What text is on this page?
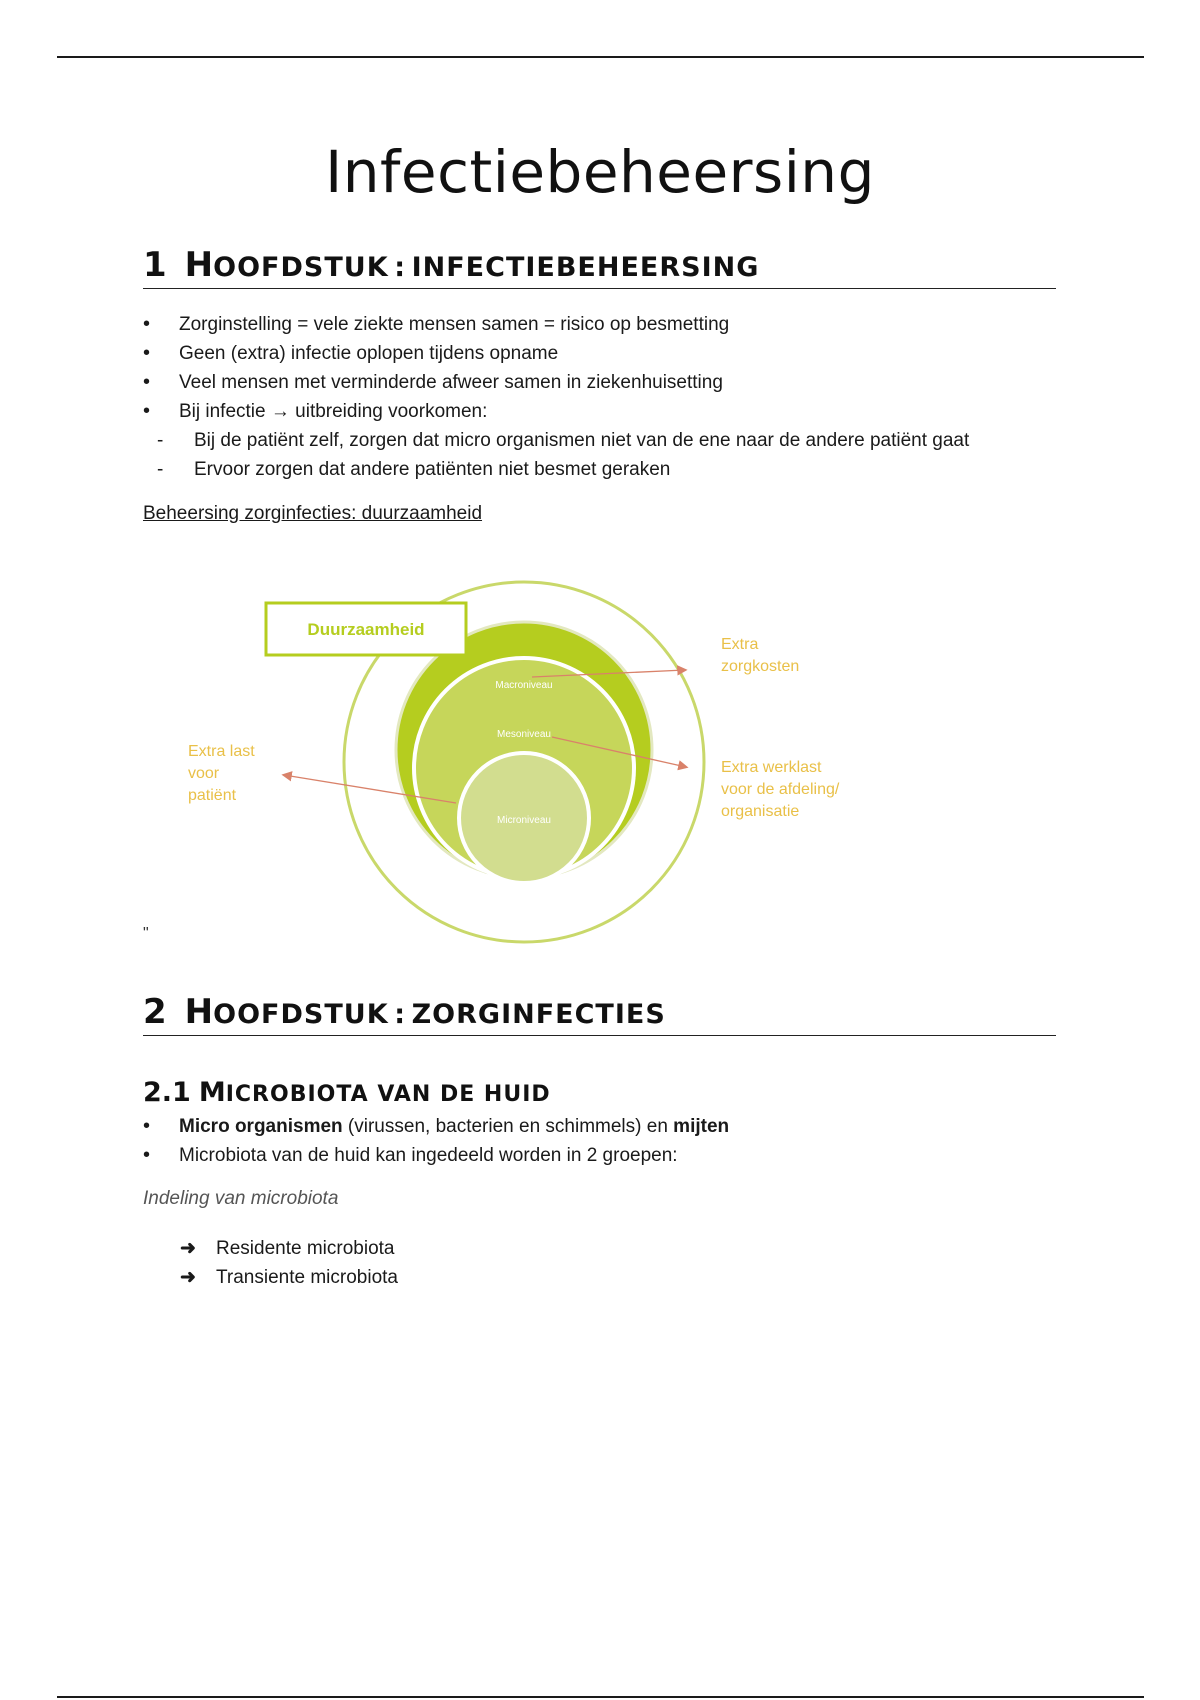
Infectiebeheersing
1 HOOFDSTUK : INFECTIEBEHEERSING
• Zorginstelling = vele ziekte mensen samen = risico op besmetting
• Geen (extra) infectie oplopen tijdens opname
• Veel mensen met verminderde afweer samen in ziekenhuisetting
• Bij infectie → uitbreiding voorkomen:
- Bij de patiënt zelf, zorgen dat micro organismen niet van de ene naar de andere patiënt gaat
- Ervoor zorgen dat andere patiënten niet besmet geraken
Beheersing zorginfecties: duurzaamheid
Duurzaamheid
Macroniveau
Mesoniveau
Microniveau
Extra last voor patiënt
Extra zorgkosten
Extra werklast voor de afdeling/ organisatie
"
2 HOOFDSTUK : ZORGINFECTIES
2.1 MICROBIOTA VAN DE HUID
• Micro organismen (virussen, bacterien en schimmels) en mijten
• Microbiota van de huid kan ingedeeld worden in 2 groepen:
Indeling van microbiota
➜ Residente microbiota
➜ Transiente microbiota
